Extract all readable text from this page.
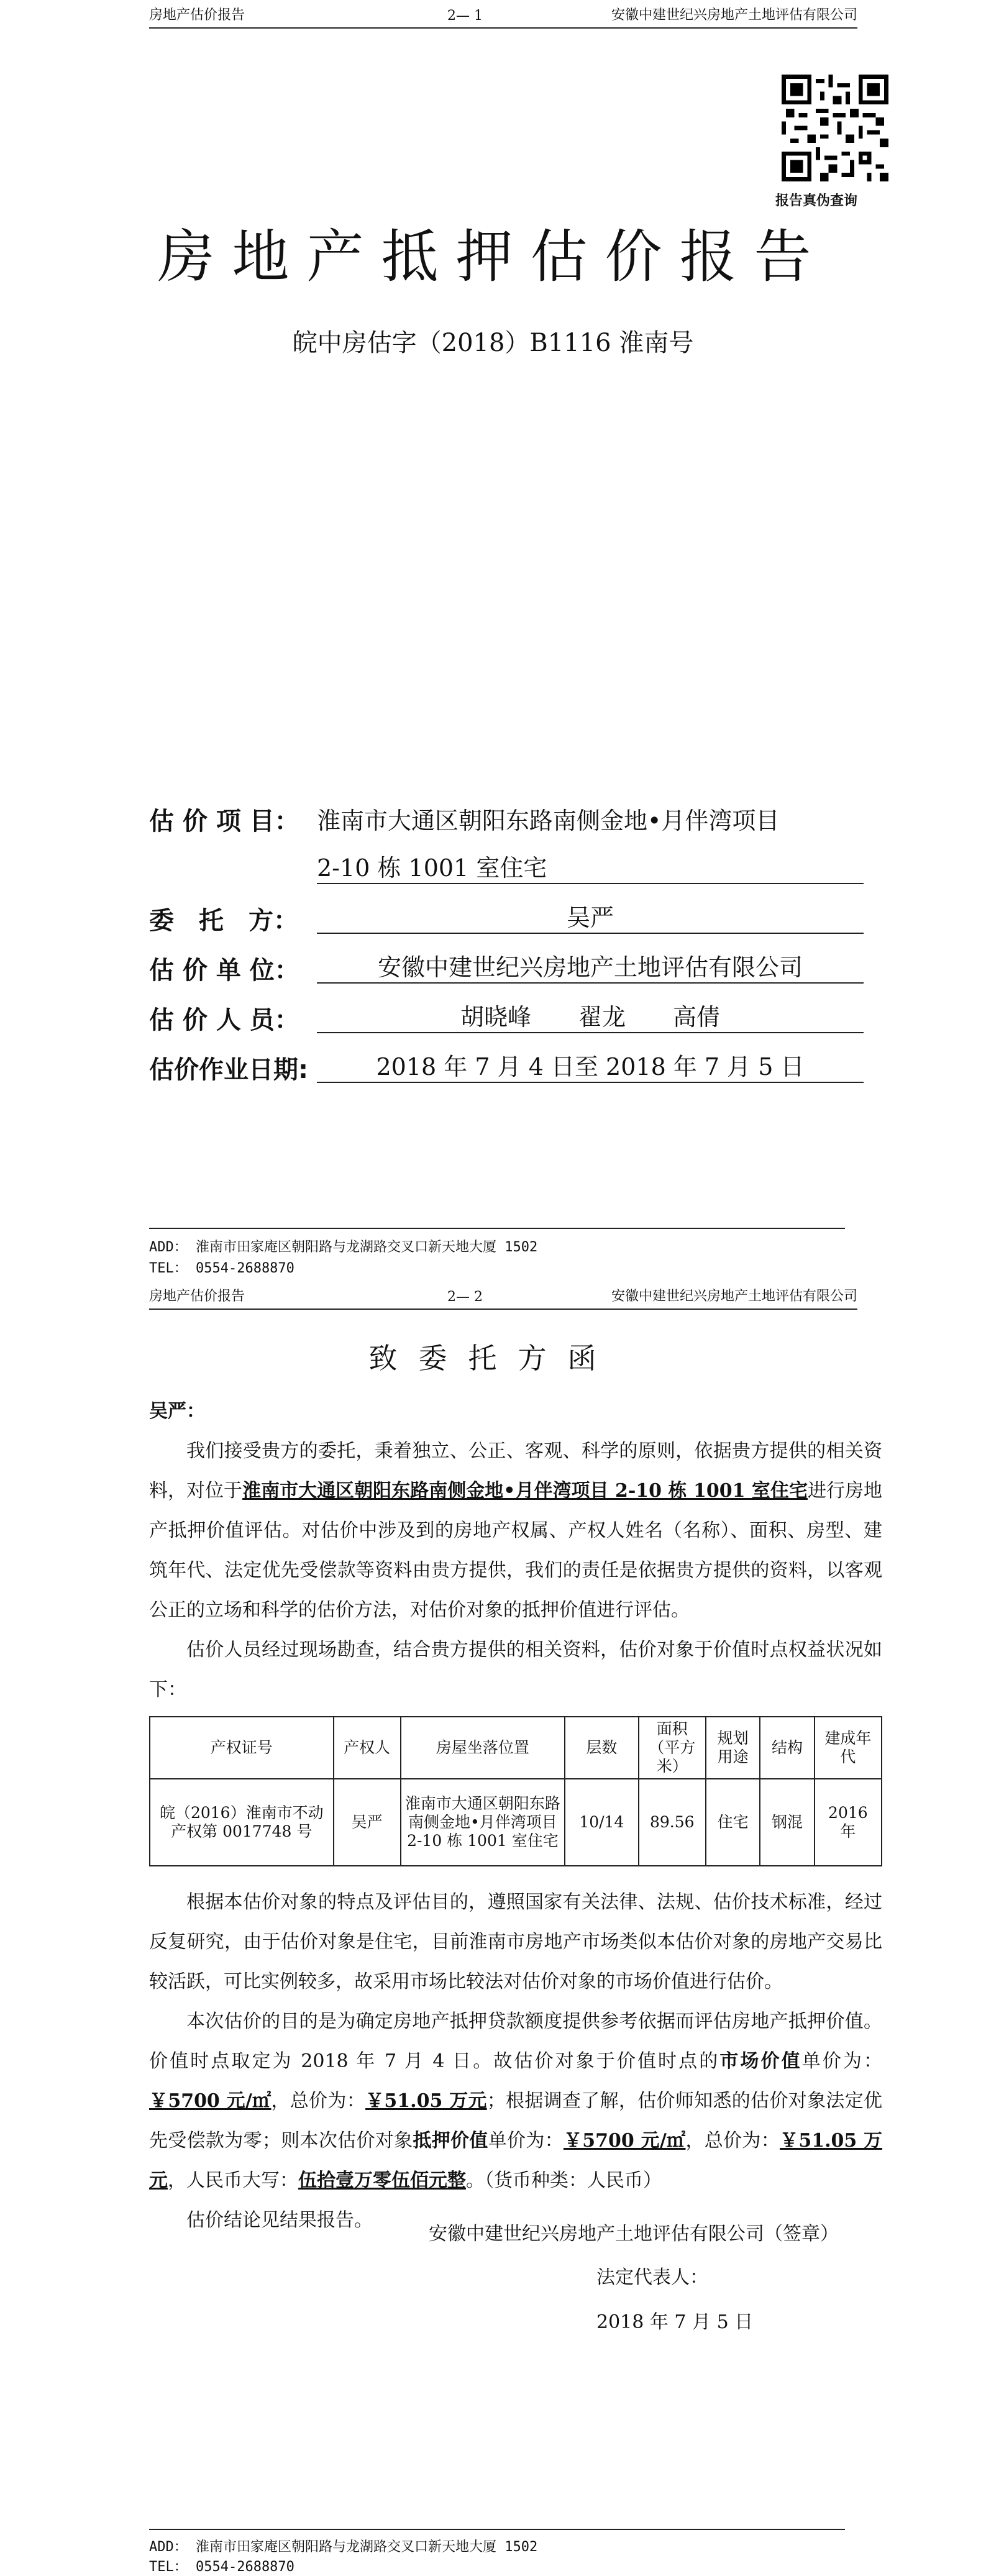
房地产估价报告	2— 1	安徽中建世纪兴房地产土地评估有限公司
报告真伪查询
房地产抵押估价报告
皖中房估字（2018）B1116 淮南号
估 价 项 目： 淮南市大通区朝阳东路南侧金地•月伴湾项目
2-10 栋 1001 室住宅
委　托　方：	吴严
估 价 单 位：	安徽中建世纪兴房地产土地评估有限公司
估 价 人 员：	胡晓峰　　翟龙　　高倩
估价作业日期:	2018 年 7 月 4 日至 2018 年 7 月 5 日
ADD： 淮南市田家庵区朝阳路与龙湖路交叉口新天地大厦 1502
TEL： 0554-2688870
房地产估价报告	2— 2	安徽中建世纪兴房地产土地评估有限公司
致委托方函
吴严：

我们接受贵方的委托，秉着独立、公正、客观、科学的原则，依据贵方提供的相关资料，对位于淮南市大通区朝阳东路南侧金地•月伴湾项目 2-10 栋 1001 室住宅进行房地产抵押价值评估。对估价中涉及到的房地产权属、产权人姓名（名称）、面积、房型、建筑年代、法定优先受偿款等资料由贵方提供，我们的责任是依据贵方提供的资料，以客观公正的立场和科学的估价方法，对估价对象的抵押价值进行评估。

估价人员经过现场勘查，结合贵方提供的相关资料，估价对象于价值时点权益状况如下：

产权证号	产权人	房屋坐落位置	层数	面积（平方米）	规划用途	结构	建成年代
皖（2016）淮南市不动产权第 0017748 号	吴严	淮南市大通区朝阳东路南侧金地•月伴湾项目 2-10 栋 1001 室住宅	10/14	89.56	住宅	钢混	2016 年

根据本估价对象的特点及评估目的，遵照国家有关法律、法规、估价技术标准，经过反复研究，由于估价对象是住宅，目前淮南市房地产市场类似本估价对象的房地产交易比较活跃，可比实例较多，故采用市场比较法对估价对象的市场价值进行估价。

本次估价的目的是为确定房地产抵押贷款额度提供参考依据而评估房地产抵押价值。价值时点取定为 2018 年 7 月 4 日。故估价对象于价值时点的市场价值单价为：￥5700 元/㎡，总价为：￥51.05 万元；根据调查了解，估价师知悉的估价对象法定优先受偿款为零；则本次估价对象抵押价值单价为：￥5700 元/㎡，总价为：￥51.05 万元，人民币大写：伍拾壹万零伍佰元整。（货币种类：人民币）

估价结论见结果报告。

安徽中建世纪兴房地产土地评估有限公司（签章）
法定代表人：
2018 年 7 月 5 日
ADD： 淮南市田家庵区朝阳路与龙湖路交叉口新天地大厦 1502
TEL： 0554-2688870
